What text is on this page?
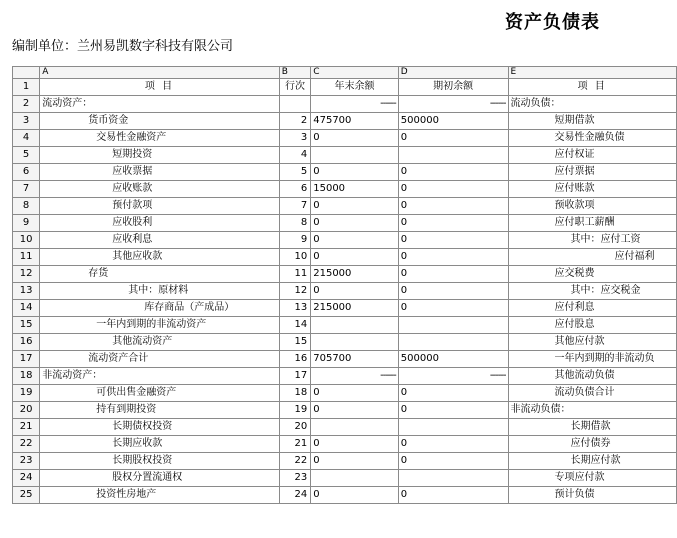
资产负债表
编制单位：兰州易凯数字科技有限公司
	A	B	C	D	E
1	项 目	行次	年末余额	期初余额	项 目
2	流动资产：		------	------	流动负债：
3	货币资金	2	475700	500000	短期借款
4	交易性金融资产	3	0	0	交易性金融负债
5	短期投资	4			应付权证
6	应收票据	5	0	0	应付票据
7	应收账款	6	15000	0	应付账款
8	预付款项	7	0	0	预收款项
9	应收股利	8	0	0	应付职工薪酬
10	应收利息	9	0	0	其中：应付工资
11	其他应收款	10	0	0	应付福利
12	存货	11	215000	0	应交税费
13	其中：原材料	12	0	0	其中：应交税金
14	库存商品（产成品）	13	215000	0	应付利息
15	一年内到期的非流动资产	14			应付股息
16	其他流动资产	15			其他应付款
17	流动资产合计	16	705700	500000	一年内到期的非流动负
18	非流动资产：	17	------	------	其他流动负债
19	可供出售金融资产	18	0	0	流动负债合计
20	持有到期投资	19	0	0	非流动负债：
21	长期债权投资	20			长期借款
22	长期应收款	21	0	0	应付债券
23	长期股权投资	22	0	0	长期应付款
24	股权分置流通权	23			专项应付款
25	投资性房地产	24	0	0	预计负债
